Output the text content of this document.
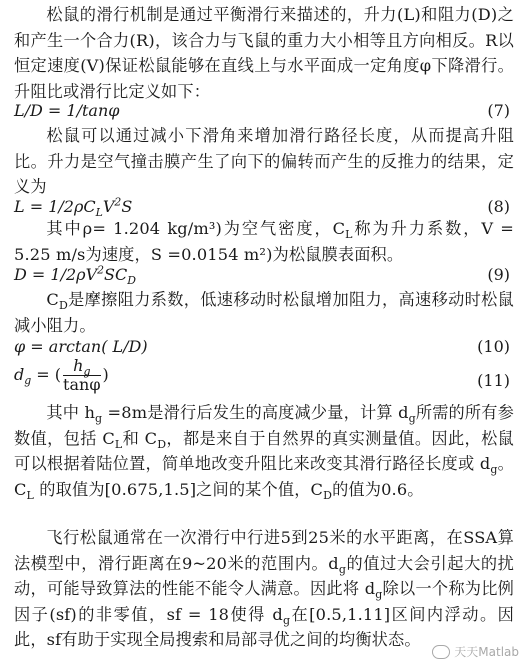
松鼠的滑行机制是通过平衡滑行来描述的，升力(L)和阻力(D)之和产生一个合力(R)，该合力与飞鼠的重力大小相等且方向相反。R以恒定速度(V)保证松鼠能够在直线上与水平面成一定角度φ下降滑行。升阻比或滑行比定义如下：
L/D = 1/tanφ	(7)
松鼠可以通过减小下滑角来增加滑行路径长度，从而提高升阻比。升力是空气撞击膜产生了向下的偏转而产生的反推力的结果，定义为
$L = 1/2\rho C_LV^2S$	(8)
其中ρ= 1.204 kg/m³)为空气密度，$C_L$称为升力系数，V = 5.25 m/s为速度，S =0.0154 m²)为松鼠膜表面积。
$D = 1/2\rho V^2SC_D$	(9)
$C_D$是摩擦阻力系数，低速移动时松鼠增加阻力，高速移动时松鼠减小阻力。
φ = arctan( L/D)	(10)
$d_g$ = ( $\frac{h_g}{\tan\varphi}$ )	(11)
其中 $h_g =8m$是滑行后发生的高度减少量，计算 $d_g$所需的所有参数值，包括 $C_L$和 $C_D$，都是来自于自然界的真实测量值。因此，松鼠可以根据着陆位置，简单地改变升阻比来改变其滑行路径长度或 $d_g$。$C_L$ 的取值为[0.675,1.5]之间的某个值，$C_D$的值为0.6。
飞行松鼠通常在一次滑行中行进5到25米的水平距离，在SSA算法模型中，滑行距离在9~20米的范围内。$d_g$的值过大会引起大的扰动，可能导致算法的性能不能令人满意。因此将 $d_g$除以一个称为比例因子(sf)的非零值，sf = 18使得 $d_g$在[0.5,1.11]区间内浮动。因此，sf有助于实现全局搜索和局部寻优之间的均衡状态。
天天Matlab
